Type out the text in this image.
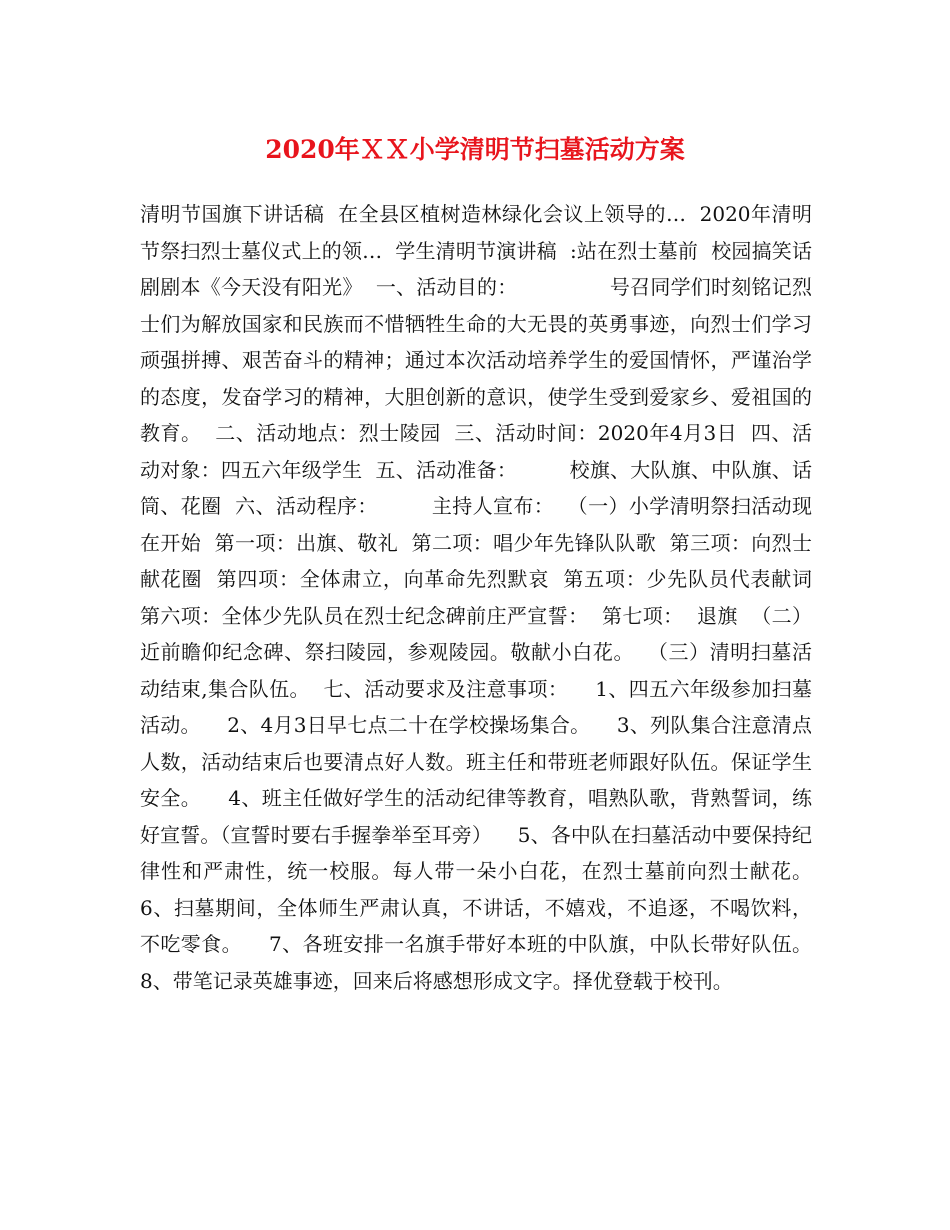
2020年ＸＸ小学清明节扫墓活动方案

清明节国旗下讲话稿  在全县区植树造林绿化会议上领导的…  2020年清明节祭扫烈士墓仪式上的领…  学生清明节演讲稿  :站在烈士墓前  校园搞笑话剧剧本《今天没有阳光》  一、活动目的：              号召同学们时刻铭记烈士们为解放国家和民族而不惜牺牲生命的大无畏的英勇事迹，向烈士们学习顽强拼搏、艰苦奋斗的精神；通过本次活动培养学生的爱国情怀，严谨治学的态度，发奋学习的精神，大胆创新的意识，使学生受到爱家乡、爱祖国的教育。  二、活动地点：烈士陵园  三、活动时间：2020年4月3日  四、活动对象：四五六年级学生  五、活动准备：        校旗、大队旗、中队旗、话筒、花圈  六、活动程序：        主持人宣布：  （一）小学清明祭扫活动现在开始  第一项：出旗、敬礼  第二项：唱少年先锋队队歌  第三项：向烈士献花圈  第四项：全体肃立，向革命先烈默哀  第五项：少先队员代表献词  第六项：全体少先队员在烈士纪念碑前庄严宣誓：  第七项：  退旗  （二）近前瞻仰纪念碑、祭扫陵园，参观陵园。敬献小白花。  （三）清明扫墓活动结束,集合队伍。  七、活动要求及注意事项：    1、四五六年级参加扫墓活动。    2、4月3日早七点二十在学校操场集合。    3、列队集合注意清点人数，活动结束后也要清点好人数。班主任和带班老师跟好队伍。保证学生安全。    4、班主任做好学生的活动纪律等教育，唱熟队歌，背熟誓词，练好宣誓。（宣誓时要右手握拳举至耳旁）    5、各中队在扫墓活动中要保持纪律性和严肃性，统一校服。每人带一朵小白花，在烈士墓前向烈士献花。    6、扫墓期间，全体师生严肃认真，不讲话，不嬉戏，不追逐，不喝饮料，不吃零食。    7、各班安排一名旗手带好本班的中队旗，中队长带好队伍。    8、带笔记录英雄事迹，回来后将感想形成文字。择优登载于校刊。
